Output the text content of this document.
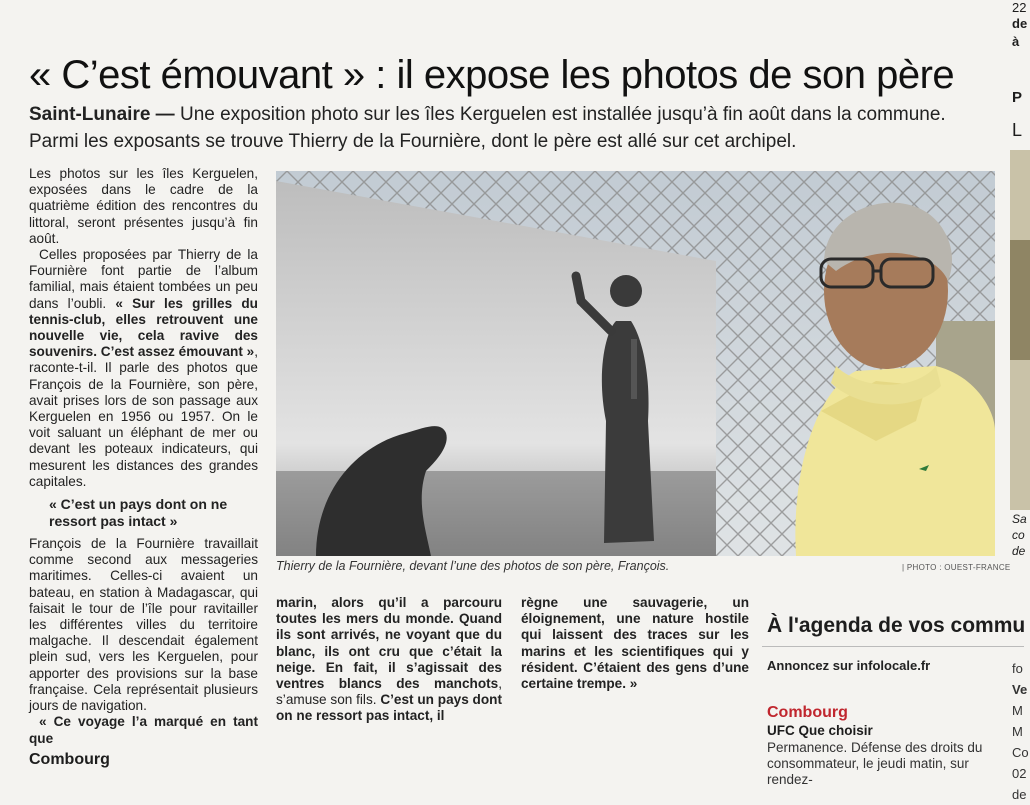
22
de
à
P
L
Sa
co
de
« C’est émouvant » : il expose les photos de son père
Saint-Lunaire — Une exposition photo sur les îles Kerguelen est installée jusqu’à fin août dans la commune. Parmi les exposants se trouve Thierry de la Fournière, dont le père est allé sur cet archipel.

Les photos sur les îles Kerguelen, exposées dans le cadre de la quatrième édition des rencontres du littoral, seront présentes jusqu’à fin août.

Celles proposées par Thierry de la Fournière font partie de l’album familial, mais étaient tombées un peu dans l’oubli. « Sur les grilles du tennis-club, elles retrouvent une nouvelle vie, cela ravive des souvenirs. C’est assez émouvant », raconte-t-il. Il parle des photos que François de la Fournière, son père, avait prises lors de son passage aux Kerguelen en 1956 ou 1957. On le voit saluant un éléphant de mer ou devant les poteaux indicateurs, qui mesurent les distances des grandes capitales.

« C’est un pays dont on ne ressort pas intact »

François de la Fournière travaillait comme second aux messageries maritimes. Celles-ci avaient un bateau, en station à Madagascar, qui faisait le tour de l’île pour ravitailler les différentes villes du territoire malgache. Il descendait également plein sud, vers les Kerguelen, pour apporter des provisions sur la base française. Cela représentait plusieurs jours de navigation.

« Ce voyage l’a marqué en tant que

Thierry de la Fournière, devant l’une des photos de son père, François.	| PHOTO : OUEST-FRANCE

marin, alors qu’il a parcouru toutes les mers du monde. Quand ils sont arrivés, ne voyant que du blanc, ils ont cru que c’était la neige. En fait, il s’agissait des ventres blancs des manchots, s’amuse son fils. C’est un pays dont on ne ressort pas intact, il

règne une sauvagerie, un éloignement, une nature hostile qui laissent des traces sur les marins et les scientifiques qui y résident. C’étaient des gens d’une certaine trempe. »

À l'agenda de vos commu
Annoncez sur infolocale.fr
Combourg
UFC Que choisir
Permanence. Défense des droits du consommateur, le jeudi matin, sur rendez-
fo
Ve
M
M
Co
02
de
Combourg
